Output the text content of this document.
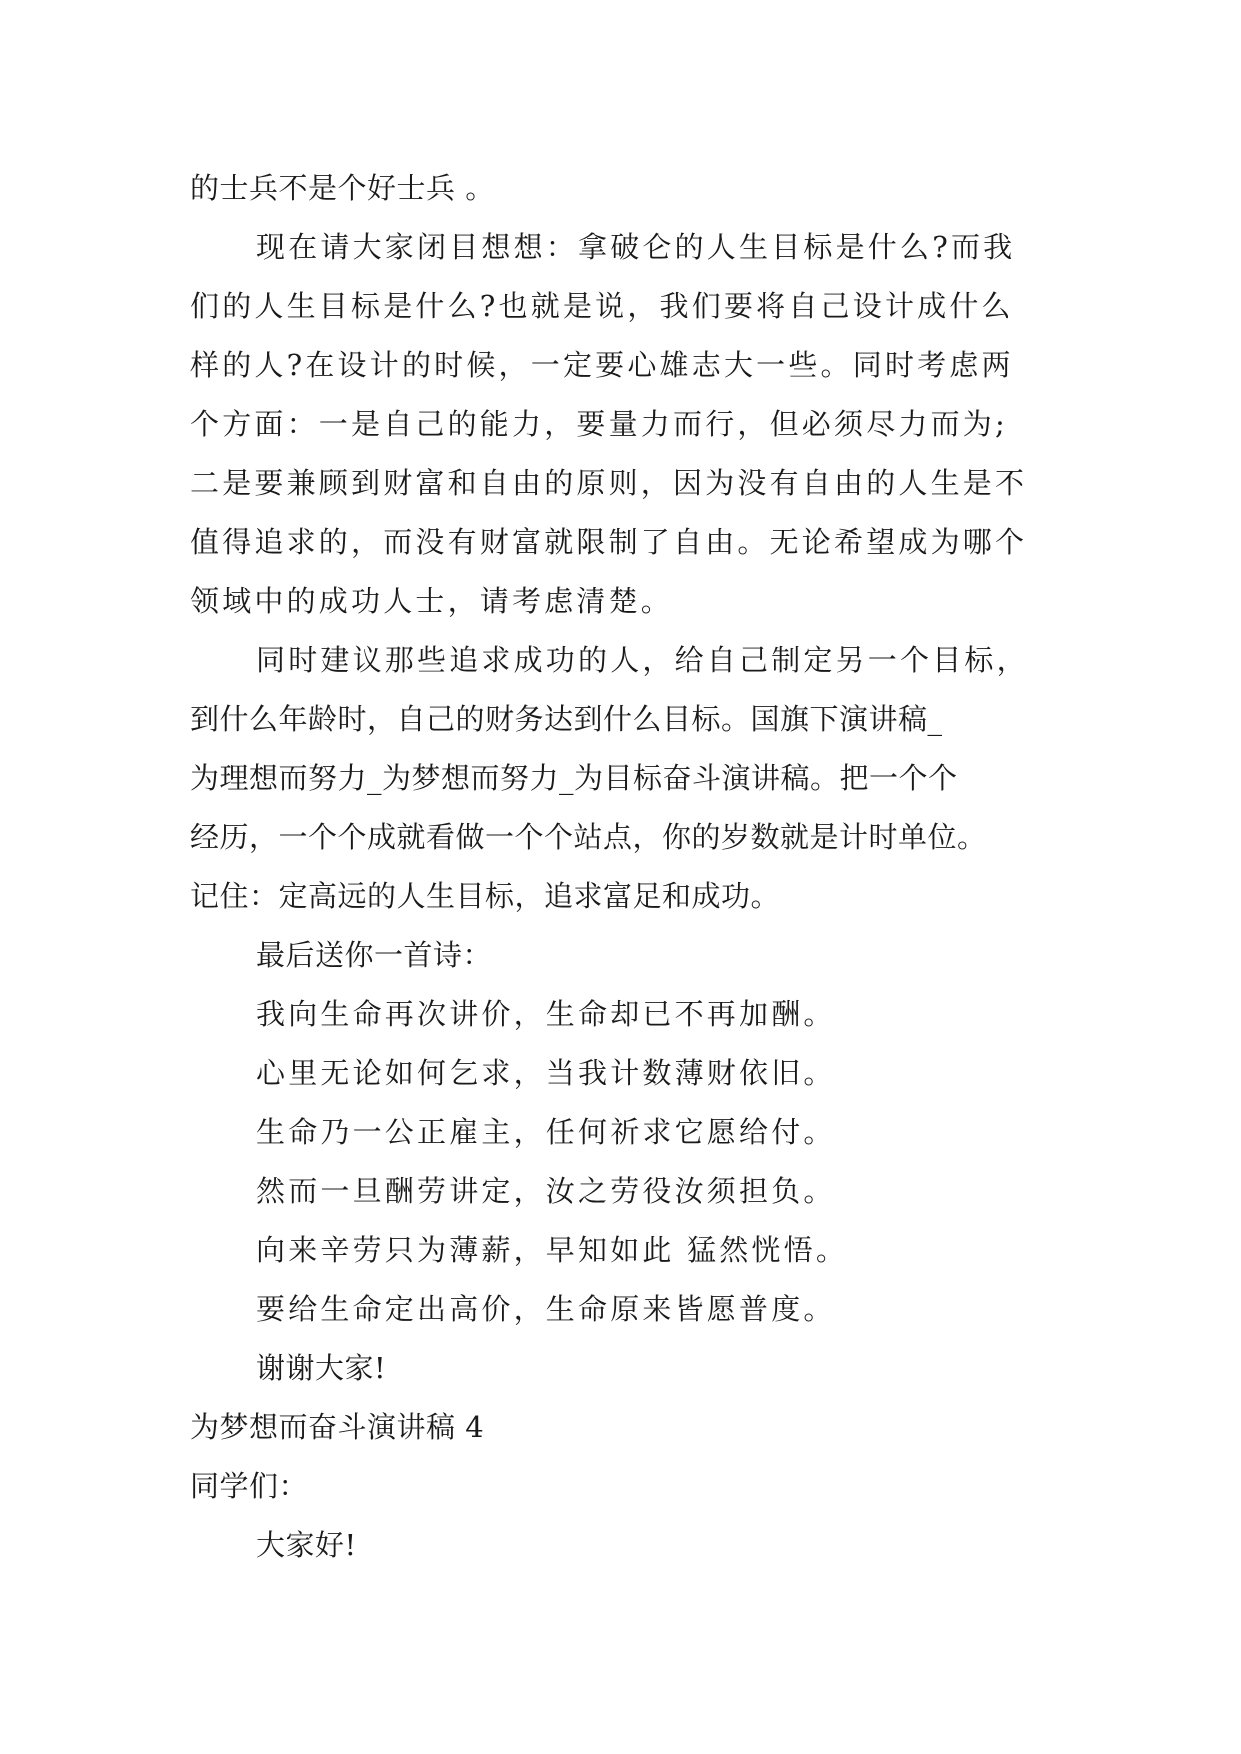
的士兵不是个好士兵 。
现在请大家闭目想想：拿破仑的人生目标是什么?而我
们的人生目标是什么?也就是说，我们要将自己设计成什么
样的人?在设计的时候，一定要心雄志大一些。同时考虑两
个方面：一是自己的能力，要量力而行，但必须尽力而为;
二是要兼顾到财富和自由的原则，因为没有自由的人生是不
值得追求的，而没有财富就限制了自由。无论希望成为哪个
领域中的成功人士，请考虑清楚。
同时建议那些追求成功的人，给自己制定另一个目标，
到什么年龄时，自己的财务达到什么目标。国旗下演讲稿_
为理想而努力_为梦想而努力_为目标奋斗演讲稿。把一个个
经历，一个个成就看做一个个站点，你的岁数就是计时单位。
记住：定高远的人生目标，追求富足和成功。
最后送你一首诗：
我向生命再次讲价，生命却已不再加酬。
心里无论如何乞求，当我计数薄财依旧。
生命乃一公正雇主，任何祈求它愿给付。
然而一旦酬劳讲定，汝之劳役汝须担负。
向来辛劳只为薄薪，早知如此 猛然恍悟。
要给生命定出高价，生命原来皆愿普度。
谢谢大家!
为梦想而奋斗演讲稿 4
同学们：
大家好!
